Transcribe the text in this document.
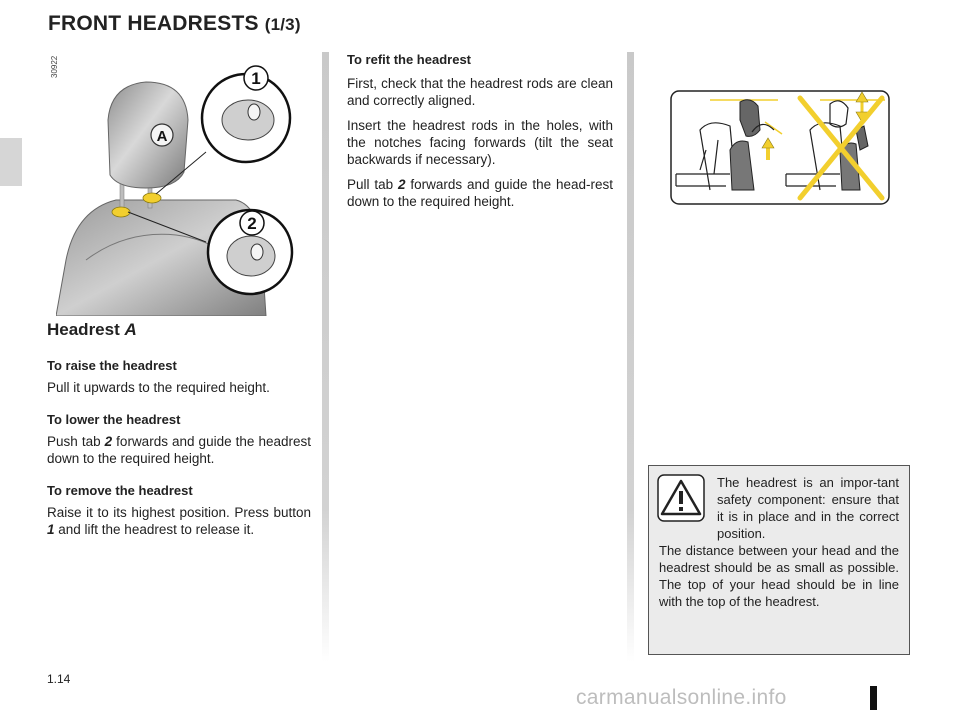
FRONT HEADRESTS (1/3)
30922
1
2
A
Headrest A
To raise the headrest
Pull it upwards to the required height.
To lower the headrest
Push tab 2 forwards and guide the headrest down to the required height.
To remove the headrest
Raise it to its highest position. Press button 1 and lift the headrest to release it.
To refit the headrest
First, check that the headrest rods are clean and correctly aligned.
Insert the headrest rods in the holes, with the notches facing forwards (tilt the seat backwards if necessary).
Pull tab 2 forwards and guide the head-rest down to the required height.
The headrest is an impor-tant safety component: ensure that it is in place and in the correct position.
The distance between your head and the headrest should be as small as possible. The top of your head should be in line with the top of the headrest.
1.14
carmanualsonline.info
